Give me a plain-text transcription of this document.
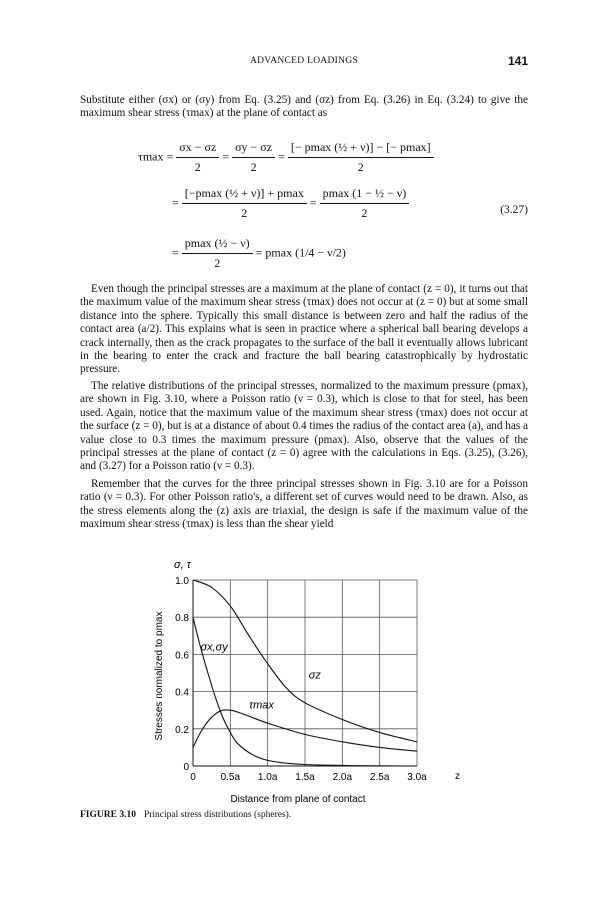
ADVANCED LOADINGS	141

Substitute either (σx) or (σy) from Eq. (3.25) and (σz) from Eq. (3.26) in Eq. (3.24) to give the maximum shear stress (τmax) at the plane of contact as

$\tau\max = \frac{\sigma x - \sigma z}{2} = \frac{\sigma y - \sigma z}{2} = \frac{\text{[− pmax (½ + ν)] − [− pmax]}}{2}$
= $\frac{\text{[−pmax (½ + ν)] + pmax}}{2} = \frac{\text{pmax (1 − ½ − ν)}}{2}$
= $\frac{\text{pmax (½ − ν)}}{2} = pmax$ (1/4 − ν/2)
(3.27)

Even though the principal stresses are a maximum at the plane of contact (z = 0), it turns out that the maximum value of the maximum shear stress (τmax) does not occur at (z = 0) but at some small distance into the sphere. Typically this small distance is between zero and half the radius of the contact area (a/2). This explains what is seen in practice where a spherical ball bearing develops a crack internally, then as the crack propagates to the surface of the ball it eventually allows lubricant in the bearing to enter the crack and fracture the ball bearing catastrophically by hydrostatic pressure.

The relative distributions of the principal stresses, normalized to the maximum pressure (pmax), are shown in Fig. 3.10, where a Poisson ratio (ν = 0.3), which is close to that for steel, has been used. Again, notice that the maximum value of the maximum shear stress (τmax) does not occur at the surface (z = 0), but is at a distance of about 0.4 times the radius of the contact area (a), and has a value close to 0.3 times the maximum pressure (pmax). Also, observe that the values of the principal stresses at the plane of contact (z = 0) agree with the calculations in Eqs. (3.25), (3.26), and (3.27) for a Poisson ratio (ν = 0.3).

Remember that the curves for the three principal stresses shown in Fig. 3.10 are for a Poisson ratio (ν = 0.3). For other Poisson ratio's, a different set of curves would need to be drawn. Also, as the stress elements along the (z) axis are triaxial, the design is safe if the maximum value of the maximum shear stress (τmax) is less than the shear yield

σx,σy
σz
τmax
0 0.5a 1.0a 1.5a 2.0a 2.5a 3.0a
0
0.2
0.4
0.6
0.8
1.0
σ, τ
z
Distance from plane of contact
Stresses normalized to pmax
FIGURE 3.10 Principal stress distributions (spheres).
